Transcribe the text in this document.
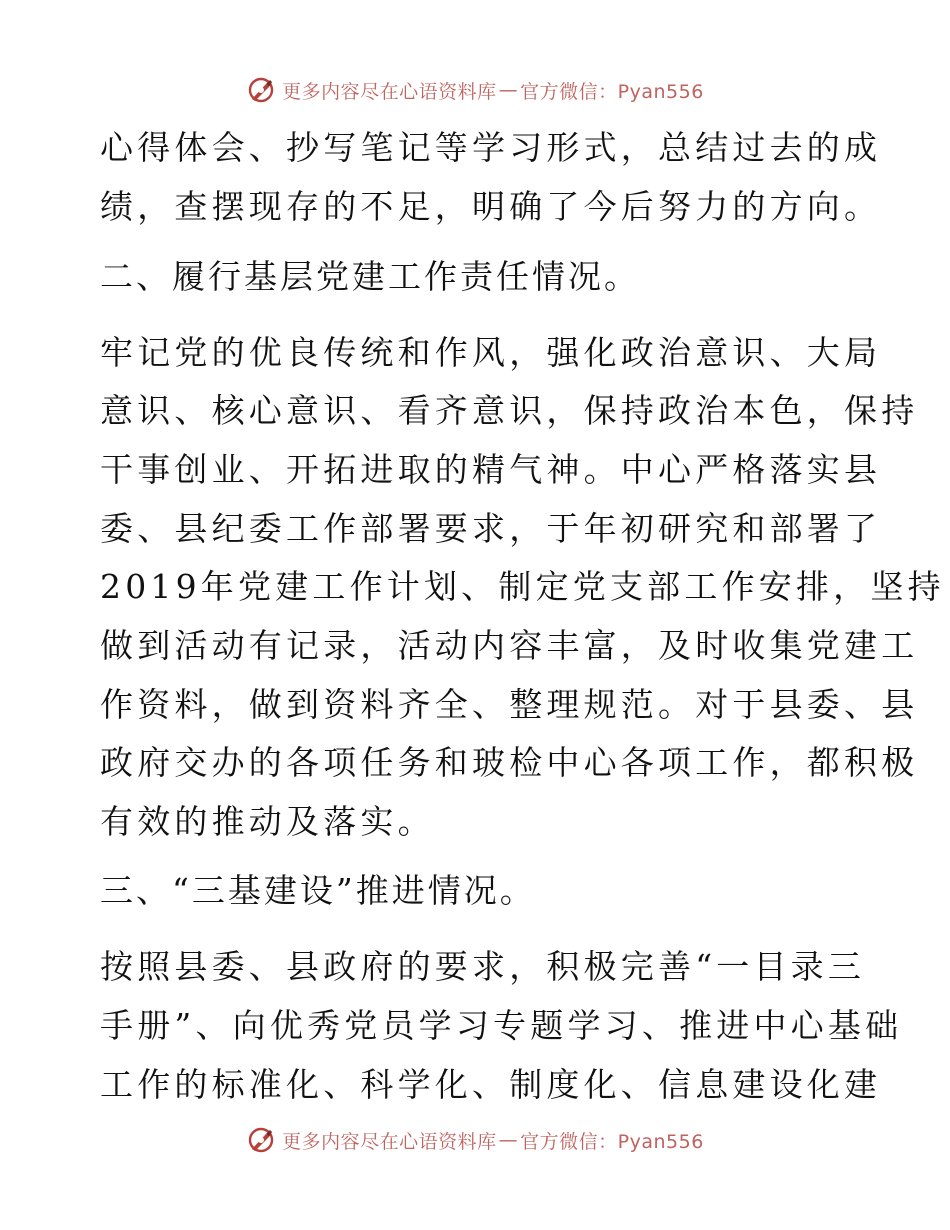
更多内容尽在心语资料库 — 官方微信：Pyan556
心得体会、抄写笔记等学习形式，总结过去的成
绩，查摆现存的不足，明确了今后努力的方向。
二、履行基层党建工作责任情况。
牢记党的优良传统和作风，强化政治意识、大局
意识、核心意识、看齐意识，保持政治本色，保持
干事创业、开拓进取的精气神。中心严格落实县
委、县纪委工作部署要求，于年初研究和部署了
2019年党建工作计划、制定党支部工作安排，坚持
做到活动有记录，活动内容丰富，及时收集党建工
作资料，做到资料齐全、整理规范。对于县委、县
政府交办的各项任务和玻检中心各项工作，都积极
有效的推动及落实。
三、“三基建设”推进情况。
按照县委、县政府的要求，积极完善“一目录三
手册”、向优秀党员学习专题学习、推进中心基础
工作的标准化、科学化、制度化、信息建设化建
更多内容尽在心语资料库 — 官方微信：Pyan556
